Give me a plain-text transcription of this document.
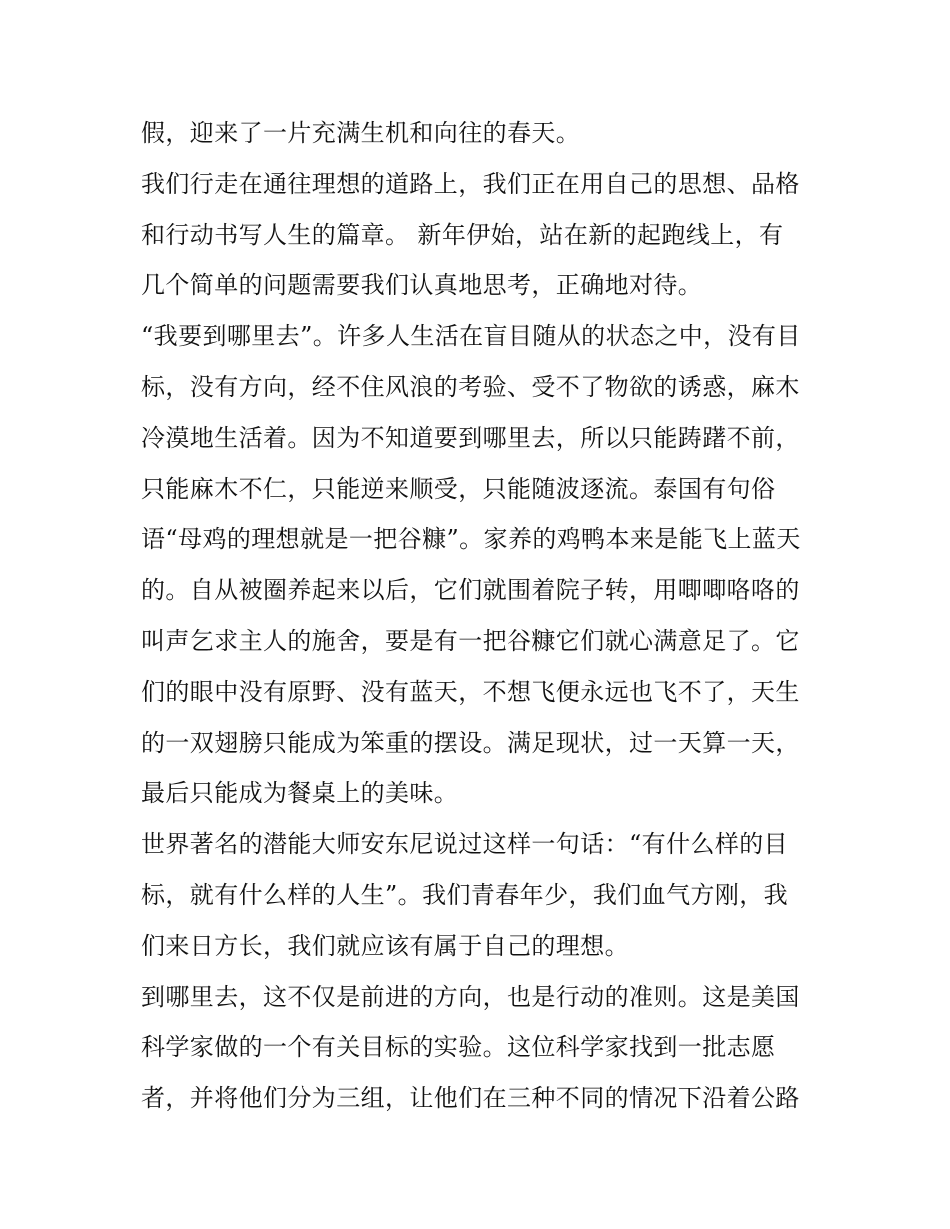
假，迎来了一片充满生机和向往的春天。
我们行走在通往理想的道路上，我们正在用自己的思想、品格
和行动书写人生的篇章。 新年伊始，站在新的起跑线上，有
几个简单的问题需要我们认真地思考，正确地对待。
“我要到哪里去”。许多人生活在盲目随从的状态之中，没有目
标，没有方向，经不住风浪的考验、受不了物欲的诱惑，麻木
冷漠地生活着。因为不知道要到哪里去，所以只能踌躇不前，
只能麻木不仁，只能逆来顺受，只能随波逐流。泰国有句俗
语“母鸡的理想就是一把谷糠”。家养的鸡鸭本来是能飞上蓝天
的。自从被圈养起来以后，它们就围着院子转，用唧唧咯咯的
叫声乞求主人的施舍，要是有一把谷糠它们就心满意足了。它
们的眼中没有原野、没有蓝天，不想飞便永远也飞不了，天生
的一双翅膀只能成为笨重的摆设。满足现状，过一天算一天，
最后只能成为餐桌上的美味。
世界著名的潜能大师安东尼说过这样一句话：“有什么样的目
标，就有什么样的人生”。我们青春年少，我们血气方刚，我
们来日方长，我们就应该有属于自己的理想。
到哪里去，这不仅是前进的方向，也是行动的准则。这是美国
科学家做的一个有关目标的实验。这位科学家找到一批志愿
者，并将他们分为三组，让他们在三种不同的情况下沿着公路
